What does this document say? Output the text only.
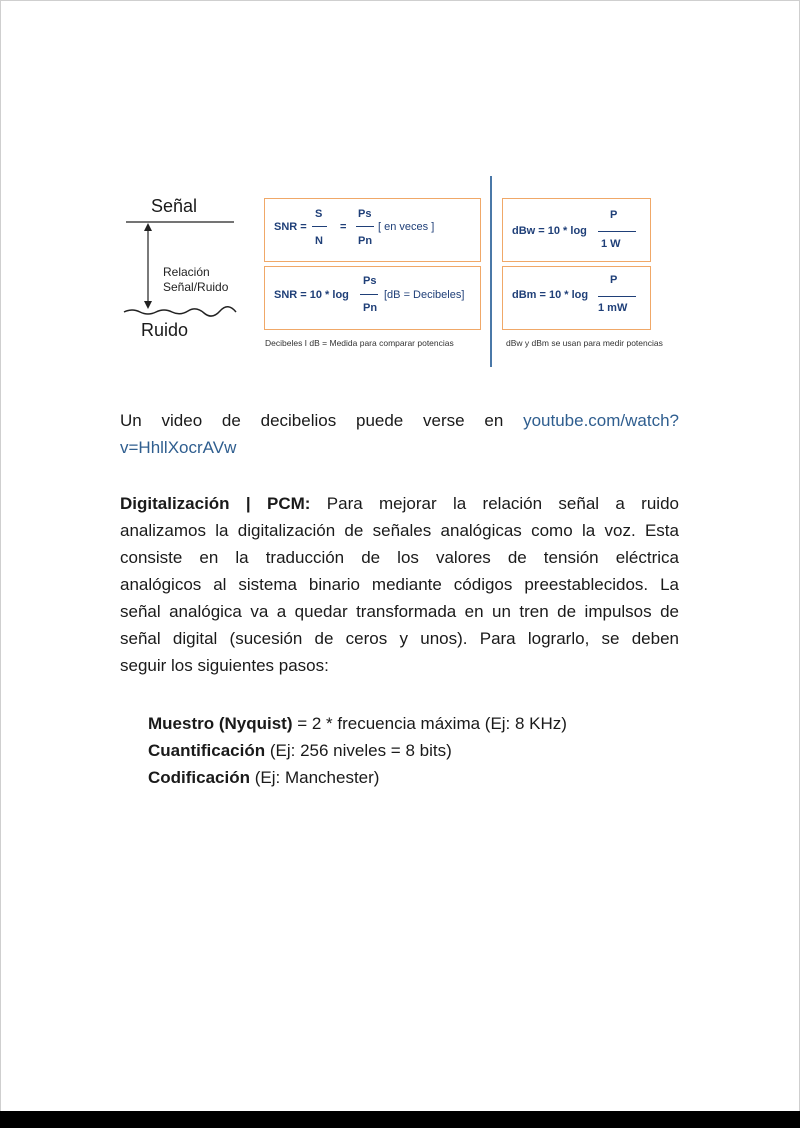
Señal
Ruido
Relación
Señal/Ruido
SNR =
S
N
=
Ps
Pn
[ en veces ]
SNR = 10 * log
Ps
Pn
[dB = Decibeles]
dBw = 10 * log
P
1 W
dBm = 10 * log
P
1 mW
Decibeles I dB = Medida para comparar potencias	dBw y dBm se usan para medir potencias
Un video de decibelios puede verse en youtube.com/watch?
v=HhllXocrAVw
Digitalización | PCM: Para mejorar la relación señal a ruido
analizamos la digitalización de señales analógicas como la voz. Esta
consiste en la traducción de los valores de tensión eléctrica
analógicos al sistema binario mediante códigos preestablecidos. La
señal analógica va a quedar transformada en un tren de impulsos de
señal digital (sucesión de ceros y unos). Para lograrlo, se deben
seguir los siguientes pasos:
Muestro (Nyquist) = 2 * frecuencia máxima (Ej: 8 KHz)
Cuantificación (Ej: 256 niveles = 8 bits)
Codificación (Ej: Manchester)
